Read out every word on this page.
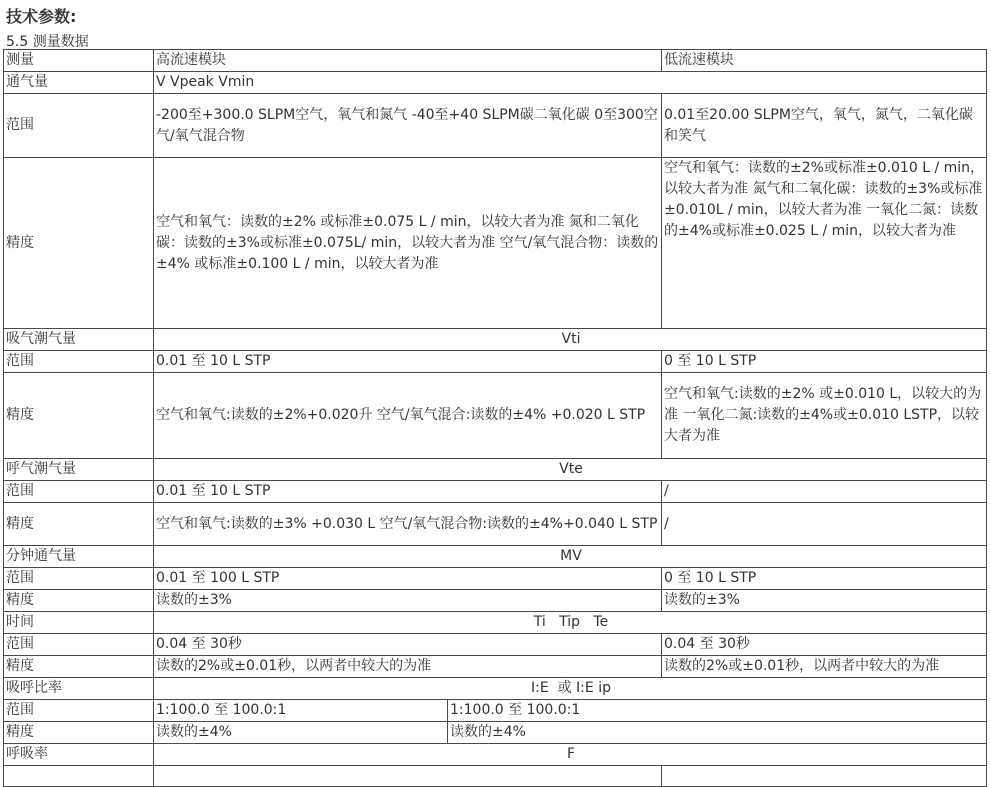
技术参数:
5.5 测量数据
测量	高流速模块		低流速模块
通气量	V Vpeak Vmin		
范围	-200至+300.0 SLPM空气，氧气和氮气 -40至+40 SLPM碳二氧化碳 0至300空气/氧气混合物		0.01至20.00 SLPM空气，氧气，氮气，二氧化碳和笑气
精度	空气和氧气：读数的±2% 或标准±0.075 L / min，以较大者为准 氮和二氧化碳：读数的±3%或标准±0.075L/ min，以较大者为准 空气/氧气混合物：读数的±4% 或标准±0.100 L / min，以较大者为准		空气和氧气：读数的±2%或标准±0.010 L / min，以较大者为准 氮气和二氧化碳：读数的±3%或标准±0.010L / min，以较大者为准 一氧化二氮：读数的±4%或标准±0.025 L / min，以较大者为准
吸气潮气量	Vti		
范围	0.01 至 10 L STP		0 至 10 L STP
精度	空气和氧气:读数的±2%+0.020升 空气/氧气混合:读数的±4% +0.020 L STP		空气和氧气:读数的±2% 或±0.010 L，以较大的为准 一氧化二氮:读数的±4%或±0.010 LSTP，以较大者为准
呼气潮气量	Vte		
范围	0.01 至 10 L STP		/
精度	空气和氧气:读数的±3% +0.030 L 空气/氧气混合物:读数的±4%+0.040 L STP		/
分钟通气量	MV		
范围	0.01 至 100 L STP		0 至 10 L STP
精度	读数的±3%		读数的±3%
时间	Ti   Tip   Te		
范围	0.04 至 30秒		0.04 至 30秒
精度	读数的2%或±0.01秒，以两者中较大的为准		读数的2%或±0.01秒，以两者中较大的为准
吸呼比率	I:E  或 I:E ip		
范围	1:100.0 至 100.0:1	1:100.0 至 100.0:1	
精度	读数的±4%	读数的±4%	
呼吸率	F		
